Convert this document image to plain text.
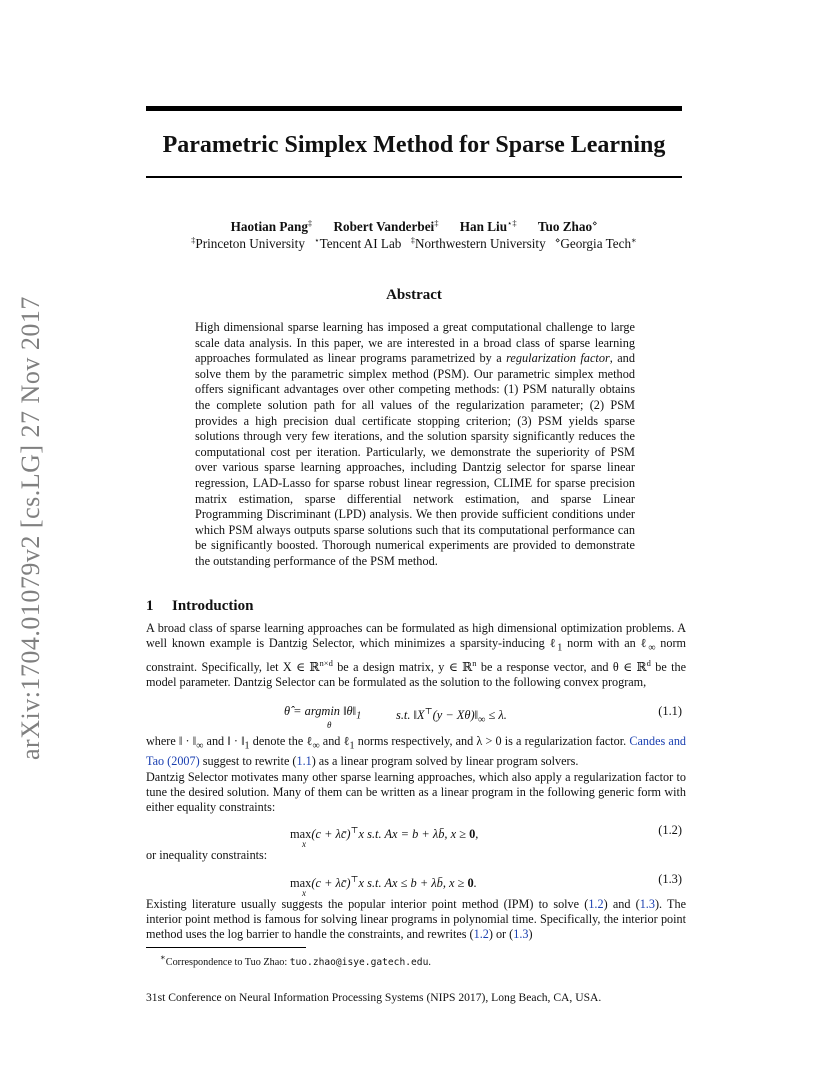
Parametric Simplex Method for Sparse Learning
Haotian Pang‡ Robert Vanderbei‡ Han Liu⋆‡ Tuo Zhao⋄
‡Princeton University ⋆Tencent AI Lab ‡Northwestern University ⋄Georgia Tech∗
arXiv:1704.01079v2 [cs.LG] 27 Nov 2017
Abstract
High dimensional sparse learning has imposed a great computational challenge to large scale data analysis. In this paper, we are interested in a broad class of sparse learning approaches formulated as linear programs parametrized by a regularization factor, and solve them by the parametric simplex method (PSM). Our parametric simplex method offers significant advantages over other competing methods: (1) PSM naturally obtains the complete solution path for all values of the regularization parameter; (2) PSM provides a high precision dual certificate stopping criterion; (3) PSM yields sparse solutions through very few iterations, and the solution sparsity significantly reduces the computational cost per iteration. Particularly, we demonstrate the superiority of PSM over various sparse learning approaches, including Dantzig selector for sparse linear regression, LAD-Lasso for sparse robust linear regression, CLIME for sparse precision matrix estimation, sparse differential network estimation, and sparse Linear Programming Discriminant (LPD) analysis. We then provide sufficient conditions under which PSM always outputs sparse solutions such that its computational performance can be significantly boosted. Thorough numerical experiments are provided to demonstrate the outstanding performance of the PSM method.
1 Introduction
A broad class of sparse learning approaches can be formulated as high dimensional optimization problems. A well known example is Dantzig Selector, which minimizes a sparsity-inducing ℓ$_1$ norm with an ℓ$_\infty$ norm constraint. Specifically, let X ∈ ℝ$^{n\times d}$ be a design matrix, y ∈ ℝ$^n$ be a response vector, and θ ∈ ℝ$^d$ be the model parameter. Dantzig Selector can be formulated as the solution to the following convex program,
θ̂ = argmin $‖\theta‖_1$
θ
s.t. ‖X⊤(y − $X\theta)‖_\infty \le \lambda$.	(1.1)
where ‖ · $‖_\infty$ and ‖ · $‖_1$ denote the ℓ$_\infty$ and ℓ$_1$ norms respectively, and λ > 0 is a regularization factor. Candes and Tao (2007) suggest to rewrite (1.1) as a linear program solved by linear program solvers.
Dantzig Selector motivates many other sparse learning approaches, which also apply a regularization factor to tune the desired solution. Many of them can be written as a linear program in the following generic form with either equality constraints:
max(c + λc̄)⊤x s.t. Ax = b + λb̄, x ≥ 0,
x
(1.2)
or inequality constraints:
max(c + λc̄)⊤x s.t. Ax ≤ b + λb̄, x ≥ 0.
x
(1.3)
Existing literature usually suggests the popular interior point method (IPM) to solve (1.2) and (1.3). The interior point method is famous for solving linear programs in polynomial time. Specifically, the interior point method uses the log barrier to handle the constraints, and rewrites (1.2) or (1.3)
∗Correspondence to Tuo Zhao: tuo.zhao@isye.gatech.edu.
31st Conference on Neural Information Processing Systems (NIPS 2017), Long Beach, CA, USA.
